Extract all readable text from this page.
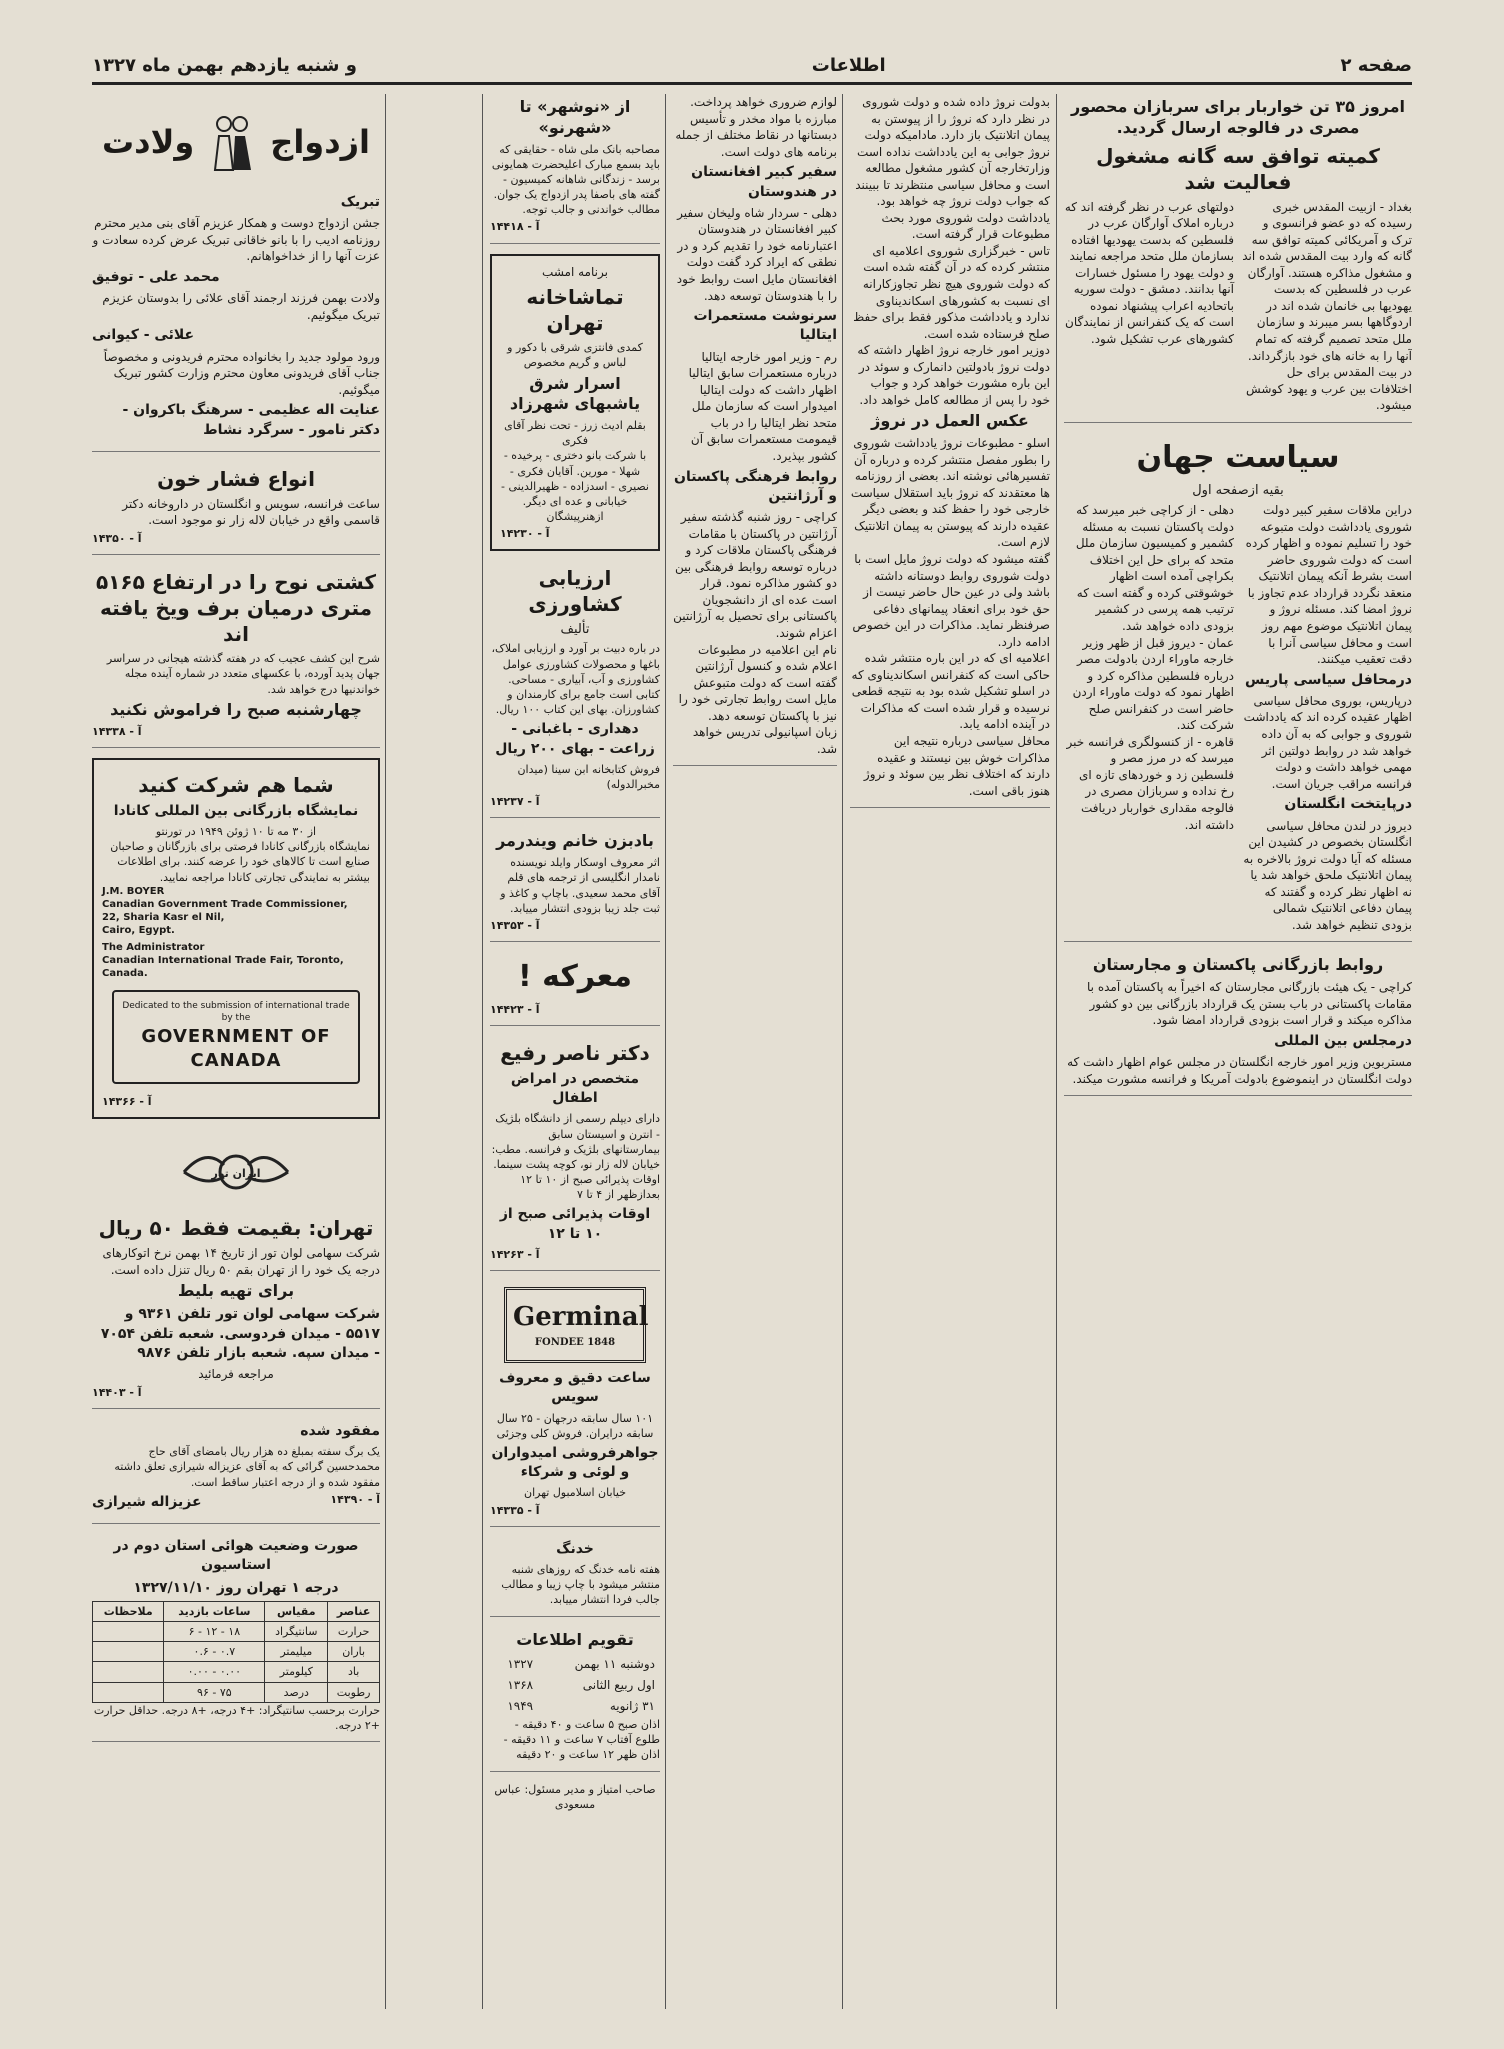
صفحه ۲
اطلاعات
و شنبه یازدهم بهمن ماه ۱۳۲۷
امروز ۳۵ تن خواربار برای سربازان محصور مصری در فالوجه ارسال گردید.
کمیته توافق سه گانه مشغول فعالیت شد
بغداد - ازبیت المقدس خبری رسیده که دو عضو فرانسوی و ترک و آمریکائی کمیته توافق سه گانه که وارد بیت المقدس شده اند و مشغول مذاکره هستند. آوارگان عرب در فلسطین که بدست یهودیها بی خانمان شده اند در اردوگاهها بسر میبرند و سازمان ملل متحد تصمیم گرفته که تمام آنها را به خانه های خود بازگرداند. در بیت المقدس برای حل اختلافات بین عرب و یهود کوشش میشود.
دولتهای عرب در نظر گرفته اند که درباره املاک آوارگان عرب در فلسطین که بدست یهودیها افتاده بسازمان ملل متحد مراجعه نمایند و دولت یهود را مسئول خسارات آنها بدانند. دمشق - دولت سوریه باتحادیه اعراب پیشنهاد نموده است که یک کنفرانس از نمایندگان کشورهای عرب تشکیل شود.
سیاست جهان
بقیه ازصفحه اول
دراین ملاقات سفیر کبیر دولت شوروی یادداشت دولت متبوعه خود را تسلیم نموده و اظهار کرده است که دولت شوروی حاضر است بشرط آنکه پیمان اتلانتیک منعقد نگردد قرارداد عدم تجاوز با نروژ امضا کند. مسئله نروژ و پیمان اتلانتیک موضوع مهم روز است و محافل سیاسی آنرا با دقت تعقیب میکنند.
درمحافل سیاسی پاریس
درپاریس، بوروی محافل سیاسی اظهار عقیده کرده اند که یادداشت شوروی و جوابی که به آن داده خواهد شد در روابط دولتین اثر مهمی خواهد داشت و دولت فرانسه مراقب جریان است.
درپایتخت انگلستان
دیروز در لندن محافل سیاسی انگلستان بخصوص در کشیدن این مسئله که آیا دولت نروژ بالاخره به پیمان اتلانتیک ملحق خواهد شد یا نه اظهار نظر کرده و گفتند که پیمان دفاعی اتلانتیک شمالی بزودی تنظیم خواهد شد.
دهلی - از کراچی خبر میرسد که دولت پاکستان نسبت به مسئله کشمیر و کمیسیون سازمان ملل متحد که برای حل این اختلاف بکراچی آمده است اظهار خوشوقتی کرده و گفته است که ترتیب همه پرسی در کشمیر بزودی داده خواهد شد.
عمان - دیروز قبل از ظهر وزیر خارجه ماوراء اردن بادولت مصر درباره فلسطین مذاکره کرد و اظهار نمود که دولت ماوراء اردن حاضر است در کنفرانس صلح شرکت کند.
قاهره - از کنسولگری فرانسه خبر میرسد که در مرز مصر و فلسطین زد و خوردهای تازه ای رخ نداده و سربازان مصری در فالوجه مقداری خواربار دریافت داشته اند.
روابط بازرگانی پاکستان و مجارستان
کراچی - یک هیئت بازرگانی مجارستان که اخیراً به پاکستان آمده با مقامات پاکستانی در باب بستن یک قرارداد بازرگانی بین دو کشور مذاکره میکند و قرار است بزودی قرارداد امضا شود.
درمجلس بین المللی
مستربوین وزیر امور خارجه انگلستان در مجلس عوام اظهار داشت که دولت انگلستان در اینموضوع بادولت آمریکا و فرانسه مشورت میکند.
بدولت نروژ داده شده و دولت شوروی در نظر دارد که نروژ را از پیوستن به پیمان اتلانتیک باز دارد. مادامیکه دولت نروژ جوابی به این یادداشت نداده است وزارتخارجه آن کشور مشغول مطالعه است و محافل سیاسی منتظرند تا ببینند که جواب دولت نروژ چه خواهد بود. یادداشت دولت شوروی مورد بحث مطبوعات قرار گرفته است.
تاس - خبرگزاری شوروی اعلامیه ای منتشر کرده که در آن گفته شده است که دولت شوروی هیچ نظر تجاوزکارانه ای نسبت به کشورهای اسکاندیناوی ندارد و یادداشت مذکور فقط برای حفظ صلح فرستاده شده است.
دوزیر امور خارجه نروژ اظهار داشته که دولت نروژ بادولتین دانمارک و سوئد در این باره مشورت خواهد کرد و جواب خود را پس از مطالعه کامل خواهد داد.
عکس العمل در نروژ
اسلو - مطبوعات نروژ یادداشت شوروی را بطور مفصل منتشر کرده و درباره آن تفسیرهائی نوشته اند. بعضی از روزنامه ها معتقدند که نروژ باید استقلال سیاست خارجی خود را حفظ کند و بعضی دیگر عقیده دارند که پیوستن به پیمان اتلانتیک لازم است.
گفته میشود که دولت نروژ مایل است با دولت شوروی روابط دوستانه داشته باشد ولی در عین حال حاضر نیست از حق خود برای انعقاد پیمانهای دفاعی صرفنظر نماید. مذاکرات در این خصوص ادامه دارد.
اعلامیه ای که در این باره منتشر شده حاکی است که کنفرانس اسکاندیناوی که در اسلو تشکیل شده بود به نتیجه قطعی نرسیده و قرار شده است که مذاکرات در آینده ادامه یابد.
محافل سیاسی درباره نتیجه این مذاکرات خوش بین نیستند و عقیده دارند که اختلاف نظر بین سوئد و نروژ هنوز باقی است.
لوازم ضروری خواهد پرداخت. مبارزه با مواد مخدر و تأسیس دبستانها در نقاط مختلف از جمله برنامه های دولت است.
سفیر کبیر افغانستان در هندوستان
دهلی - سردار شاه ولیخان سفیر کبیر افغانستان در هندوستان اعتبارنامه خود را تقدیم کرد و در نطقی که ایراد کرد گفت دولت افغانستان مایل است روابط خود را با هندوستان توسعه دهد.
سرنوشت مستعمرات ایتالیا
رم - وزیر امور خارجه ایتالیا درباره مستعمرات سابق ایتالیا اظهار داشت که دولت ایتالیا امیدوار است که سازمان ملل متحد نظر ایتالیا را در باب قیمومت مستعمرات سابق آن کشور بپذیرد.
روابط فرهنگی پاکستان و آرژانتین
کراچی - روز شنبه گذشته سفیر آرژانتین در پاکستان با مقامات فرهنگی پاکستان ملاقات کرد و درباره توسعه روابط فرهنگی بین دو کشور مذاکره نمود. قرار است عده ای از دانشجویان پاکستانی برای تحصیل به آرژانتین اعزام شوند.
نام این اعلامیه در مطبوعات اعلام شده و کنسول آرژانتین گفته است که دولت متبوعش مایل است روابط تجارتی خود را نیز با پاکستان توسعه دهد.
زبان اسپانیولی تدریس خواهد شد.
از «نوشهر» تا «شهرنو»
مصاحبه بانک ملی شاه - حقایقی که باید بسمع مبارک اعلیحضرت همایونی برسد - زندگانی شاهانه کمیسیون - گفته های باصفا پدر ازدواج یک جوان. مطالب خواندنی و جالب توجه.
آ - ۱۴۴۱۸
برنامه امشب
تماشاخانه تهران
کمدی فانتزی شرقی با دکور و لباس و گریم مخصوص
اسرار شرق یاشبهای شهرزاد
بقلم ادیث زرز - تحت نظر آقای فکری
با شرکت بانو دختری - پرخیده - شهلا - مورین. آقایان فکری - نصیری - اسدزاده - ظهیرالدینی - خیابانی و عده ای دیگر. ازهنرپیشگان
آ - ۱۴۲۳۰
ارزیابی کشاورزی
تألیف
در باره دبیت بر آورد و ارزیابی املاک، باغها و محصولات کشاورزی عوامل کشاورزی و آب، آبیاری - مساحی. کتابی است جامع برای کارمندان و کشاورزان. بهای این کتاب ۱۰۰ ریال.
دهداری - باغبانی - زراعت - بهای ۲۰۰ ریال
فروش کتابخانه ابن سینا (میدان مخبرالدوله)
آ - ۱۴۲۳۷
بادبزن خانم ویندرمر
اثر معروف اوسکار وایلد نویسنده نامدار انگلیسی از ترجمه های قلم آقای محمد سعیدی. باچاپ و کاغذ و ثبت جلد زیبا بزودی انتشار مییابد.
آ - ۱۴۳۵۳
معرکه !
آ - ۱۴۴۲۳
دکتر ناصر رفیع
متخصص در امراض اطفال
دارای دیپلم رسمی از دانشگاه بلژیک - انترن و اسیستان سابق بیمارستانهای بلژیک و فرانسه. مطب: خیابان لاله زار نو، کوچه پشت سینما. اوقات پذیرائی صبح از ۱۰ تا ۱۲ بعدازظهر از ۴ تا ۷
اوقات پذیرائی صبح از ۱۰ تا ۱۲
آ - ۱۴۲۶۳
Germinal
FONDEE 1848
ساعت دقیق و معروف سویس
۱۰۱ سال سابقه درجهان - ۲۵ سال سابقه درایران. فروش کلی وجزئی
جواهرفروشی امیدواران و لوئی و شرکاء
خیابان اسلامبول تهران
آ - ۱۴۳۳۵
خدنگ
هفته نامه خدنگ که روزهای شنبه منتشر میشود با چاپ زیبا و مطالب جالب فردا انتشار مییابد.
تقویم اطلاعات
دوشنبه ۱۱ بهمن	۱۳۲۷
اول ربیع الثانی	۱۳۶۸
۳۱ ژانویه	۱۹۴۹
اذان صبح ۵ ساعت و ۴۰ دقیقه - طلوع آفتاب ۷ ساعت و ۱۱ دقیقه - اذان ظهر ۱۲ ساعت و ۲۰ دقیقه
صاحب امتیاز و مدیر مسئول: عباس مسعودی
ازدواج
ولادت
تبریک
جشن ازدواج دوست و همکار عزیزم آقای بنی مدیر محترم روزنامه ادیب را با بانو خاقانی تبریک عرض کرده سعادت و عزت آنها را از خداخواهانم.
محمد علی - توفیق
ولادت بهمن فرزند ارجمند آقای علائی را بدوستان عزیزم تبریک میگوئیم.
علائی - کیوانی
ورود مولود جدید را بخانواده محترم فریدونی و مخصوصاً جناب آقای فریدونی معاون محترم وزارت کشور تبریک میگوئیم.
عنایت اله عظیمی - سرهنگ باکروان - دکتر نامور - سرگرد نشاط
انواع فشار خون
ساعت فرانسه، سویس و انگلستان در داروخانه دکتر قاسمی واقع در خیابان لاله زار نو موجود است.
آ - ۱۴۳۵۰
کشتی نوح را در ارتفاع ۵۱۶۵ متری درمیان برف ویخ یافته اند
شرح این کشف عجیب که در هفته گذشته هیجانی در سراسر جهان پدید آورده، با عکسهای متعدد در شماره آینده مجله خواندنیها درج خواهد شد.
چهارشنبه صبح را فراموش نکنید
آ - ۱۴۳۳۸
شما هم شرکت کنید
نمایشگاه بازرگانی بین المللی کانادا
از ۳۰ مه تا ۱۰ ژوئن ۱۹۴۹ در تورنتو
نمایشگاه بازرگانی کانادا فرصتی برای بازرگانان و صاحبان صنایع است تا کالاهای خود را عرضه کنند. برای اطلاعات بیشتر به نمایندگی تجارتی کانادا مراجعه نمایید.
J.M. BOYER
Canadian Government Trade Commissioner,
22, Sharia Kasr el Nil,
Cairo, Egypt.
The Administrator
Canadian International Trade Fair, Toronto,
Canada.
Dedicated to the submission of international trade by the
GOVERNMENT OF CANADA
آ - ۱۴۳۶۶
ایران تور
تهران: بقیمت فقط ۵۰ ریال
شرکت سهامی لوان تور از تاریخ ۱۴ بهمن نرخ اتوکارهای درجه یک خود را از تهران بقم ۵۰ ریال تنزل داده است.
برای تهیه بلیط
شرکت سهامی لوان تور تلفن ۹۳۶۱ و ۵۵۱۷ - میدان فردوسی. شعبه تلفن ۷۰۵۴ - میدان سپه. شعبه بازار تلفن ۹۸۷۶
مراجعه فرمائید
آ - ۱۴۴۰۳
مفقود شده
یک برگ سفته بمبلغ ده هزار ریال بامضای آقای حاج محمدحسین گرائی که به آقای عزیزاله شیرازی تعلق داشته مفقود شده و از درجه اعتبار ساقط است.
آ - ۱۴۳۹۰
عزیزاله شیرازی
صورت وضعیت هوائی استان دوم در استاسیون
درجه ۱ تهران روز ۱۳۲۷/۱۱/۱۰
عناصر	مقیاس	ساعات بازدید	ملاحظات
حرارت	سانتیگراد	۱۸ - ۱۲ - ۶	
باران	میلیمتر	۰.۷ - ۰.۶	
باد	کیلومتر	۰.۰۰ - ۰.۰۰	
رطوبت	درصد	۷۵ - ۹۶	
حرارت برحسب سانتیگراد: +۴ درجه، +۸ درجه. حداقل حرارت +۲ درجه.
